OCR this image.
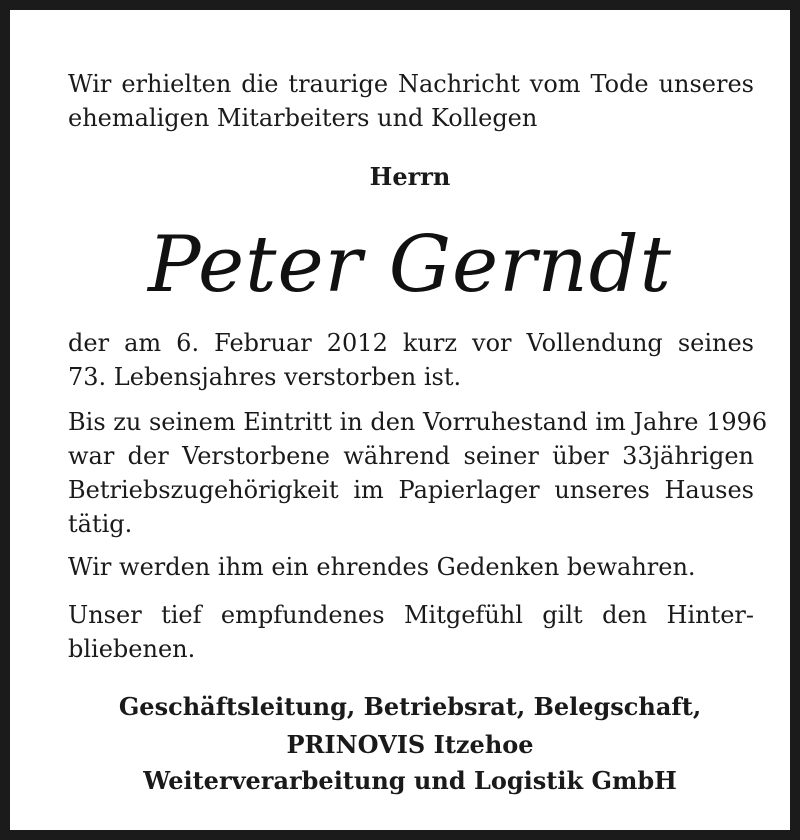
Wir erhielten die traurige Nachricht vom Tode unseres

ehemaligen Mitarbeiters und Kollegen

Herrn

Peter Gerndt

der am 6. Februar 2012 kurz vor Vollendung seines

73. Lebensjahres verstorben ist.

Bis zu seinem Eintritt in den Vorruhestand im Jahre 1996

war der Verstorbene während seiner über 33jährigen

Betriebszugehörigkeit im Papierlager unseres Hauses

tätig.

Wir werden ihm ein ehrendes Gedenken bewahren.

Unser tief empfundenes Mitgefühl gilt den Hinter-

bliebenen.

Geschäftsleitung, Betriebsrat, Belegschaft,

PRINOVIS Itzehoe

Weiterverarbeitung und Logistik GmbH
